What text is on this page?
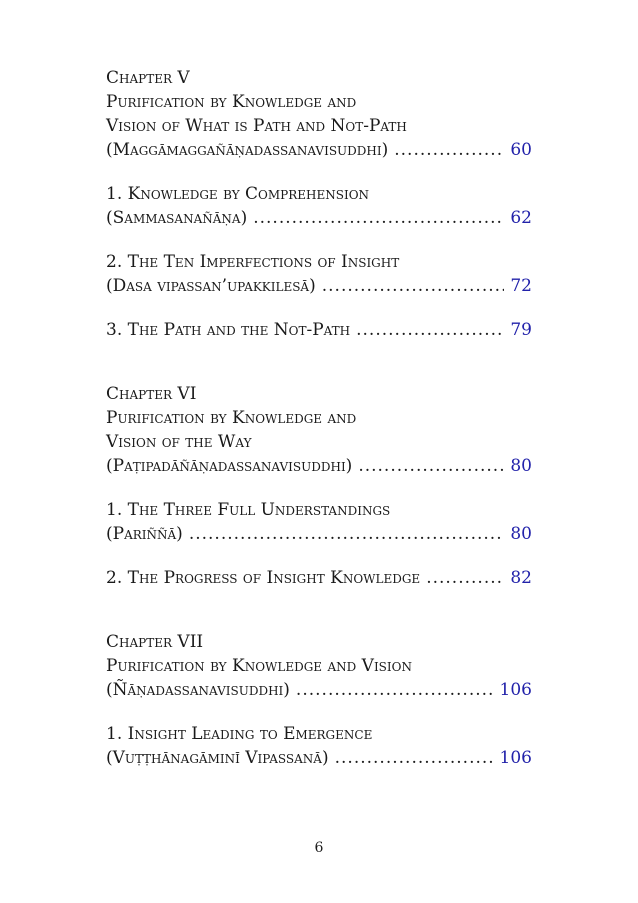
Chapter V
Purification by Knowledge and
Vision of What is Path and Not-Path
(Maggāmaggañāṇadassanavisuddhi) .....	60
1. Knowledge by Comprehension
(Sammasanañāṇa) .....	62
2. The Ten Imperfections of Insight
(Dasa vipassan’upakkilesā) .....	72
3. The Path and the Not-Path .....	79
Chapter VI
Purification by Knowledge and
Vision of the Way
(Paṭipadāñāṇadassanavisuddhi) .....	80
1. The Three Full Understandings
(Pariññā) .....	80
2. The Progress of Insight Knowledge .....	82
Chapter VII
Purification by Knowledge and Vision
(Ñāṇadassanavisuddhi) .....	106
1. Insight Leading to Emergence
(Vuṭṭhānagāminī Vipassanā) .....	106
6
